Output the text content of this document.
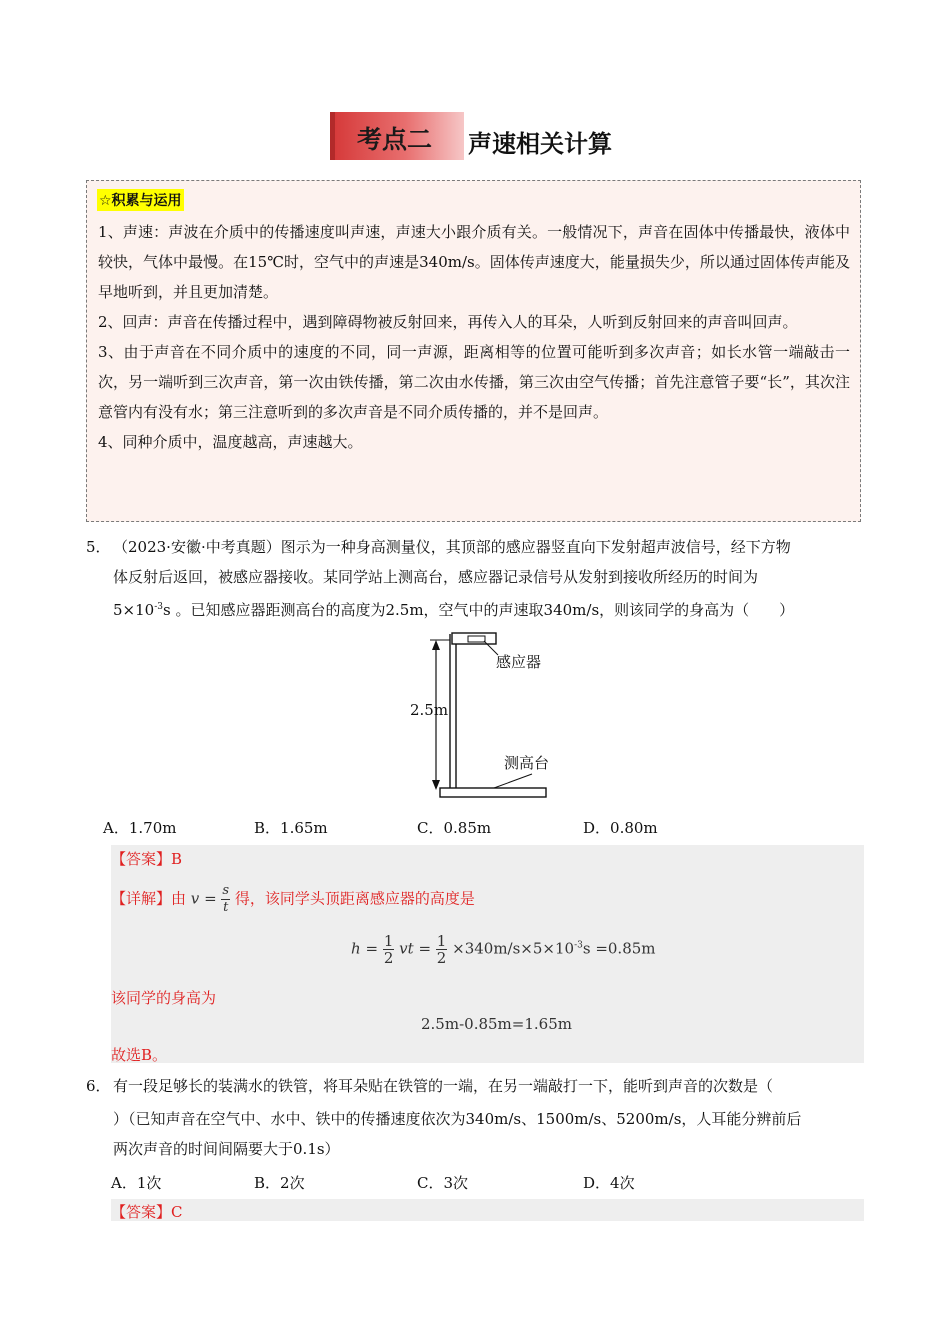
考点二 声速相关计算
☆积累与运用

1、声速：声波在介质中的传播速度叫声速，声速大小跟介质有关。一般情况下，声音在固体中传播最快，液体中较快，气体中最慢。在15℃时，空气中的声速是340m/s。固体传声速度大，能量损失少，所以通过固体传声能及早地听到，并且更加清楚。

2、回声：声音在传播过程中，遇到障碍物被反射回来，再传入人的耳朵，人听到反射回来的声音叫回声。

3、由于声音在不同介质中的速度的不同，同一声源，距离相等的位置可能听到多次声音；如长水管一端敲击一次，另一端听到三次声音，第一次由铁传播，第二次由水传播，第三次由空气传播；首先注意管子要“长”，其次注意管内有没有水；第三注意听到的多次声音是不同介质传播的，并不是回声。

4、同种介质中，温度越高，声速越大。

5． （2023·安徽·中考真题）图示为一种身高测量仪，其顶部的感应器竖直向下发射超声波信号，经下方物
体反射后返回，被感应器接收。某同学站上测高台，感应器记录信号从发射到接收所经历的时间为
$5\times 10^{-3}s$ 。已知感应器距测高台的高度为2.5m，空气中的声速取340m/s，则该同学的身高为（　　）
感应器
2.5m
测高台
A．1.70m	B．1.65m	C．0.85m	D．0.80m
【答案】B
【详解】由 $v = \frac{s}{t}$ 得，该同学头顶距离感应器的高度是
$h = \frac{1}{2}$ vt = $\frac{1}{2} \times 340m/s\times 5\times 10^{-3}s =0.85m$
该同学的身高为
2.5m-0.85m=1.65m
故选B。
6． 有一段足够长的装满水的铁管，将耳朵贴在铁管的一端，在另一端敲打一下，能听到声音的次数是（
）（已知声音在空气中、水中、铁中的传播速度依次为340m/s、1500m/s、5200m/s，人耳能分辨前后
两次声音的时间间隔要大于0.1s）
A．1次	B．2次	C．3次	D．4次
【答案】C
